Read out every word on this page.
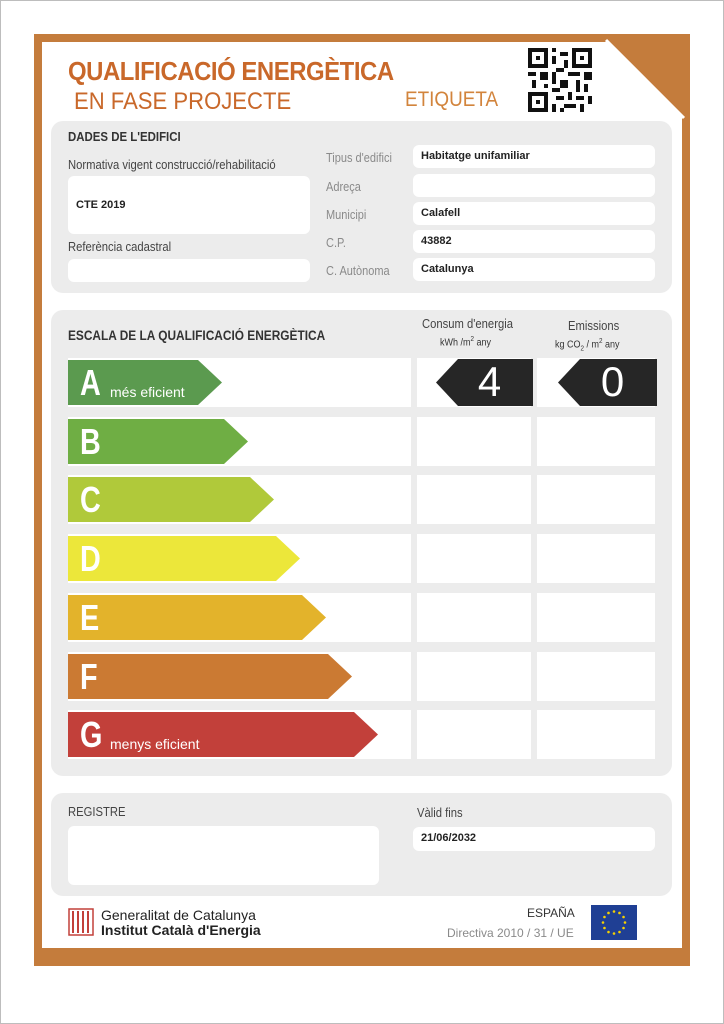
QUALIFICACIÓ ENERGÈTICA
EN FASE PROJECTE	ETIQUETA
DADES DE L'EDIFICI
Normativa vigent construcció/rehabilitació
CTE 2019
Referència cadastral
Tipus d'edifici	Habitatge unifamiliar
Adreça
Municipi	Calafell
C.P.	43882
C. Autònoma	Catalunya
ESCALA DE LA QUALIFICACIÓ ENERGÈTICA
Consum d'energia
kWh $/m^2$ any
Emissions
kg $CO_2 / m^2$ any
A més eficient	4	0
B
C
D
E
F
G menys eficient
REGISTRE	Vàlid fins
21/06/2032
Generalitat de Catalunya
Institut Català d'Energia
ESPAÑA
Directiva 2010 / 31 / UE
